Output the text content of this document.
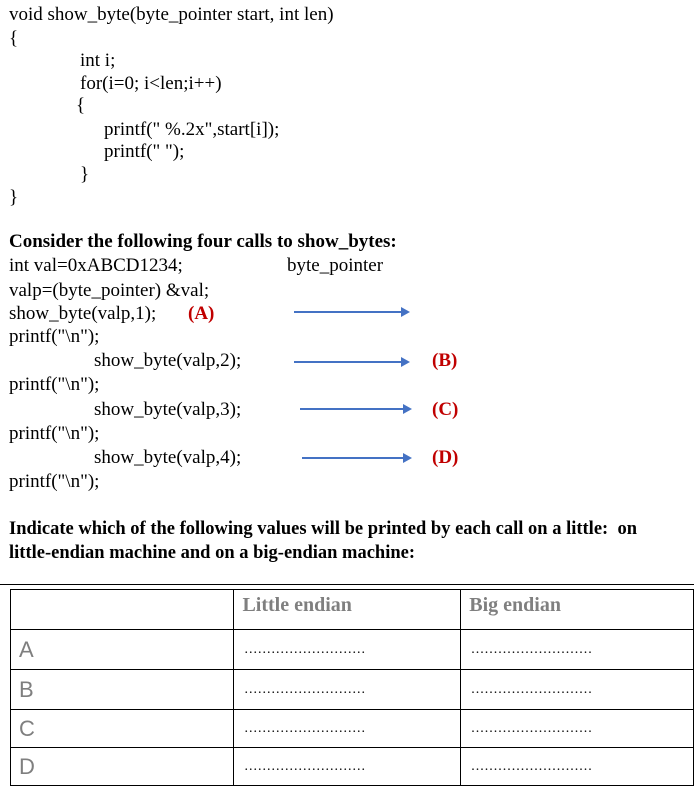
void show_byte(byte_pointer start, int len)
{
int i;
for(i=0; i<len;i++)
{
printf(" %.2x",start[i]);
printf(" ");
}
}
Consider the following four calls to show_bytes:
int val=0xABCD1234;	byte_pointer
valp=(byte_pointer) &val;
show_byte(valp,1); (A)
printf("\n");
show_byte(valp,2);	(B)
printf("\n");
show_byte(valp,3);	(C)
printf("\n");
show_byte(valp,4);	(D)
printf("\n");
Indicate which of the following values will be printed by each call on a little:  on
little-endian machine and on a big-endian machine:
	Little endian	Big endian
A	...........................	...........................
B	...........................	...........................
C	...........................	...........................
D	...........................	...........................
